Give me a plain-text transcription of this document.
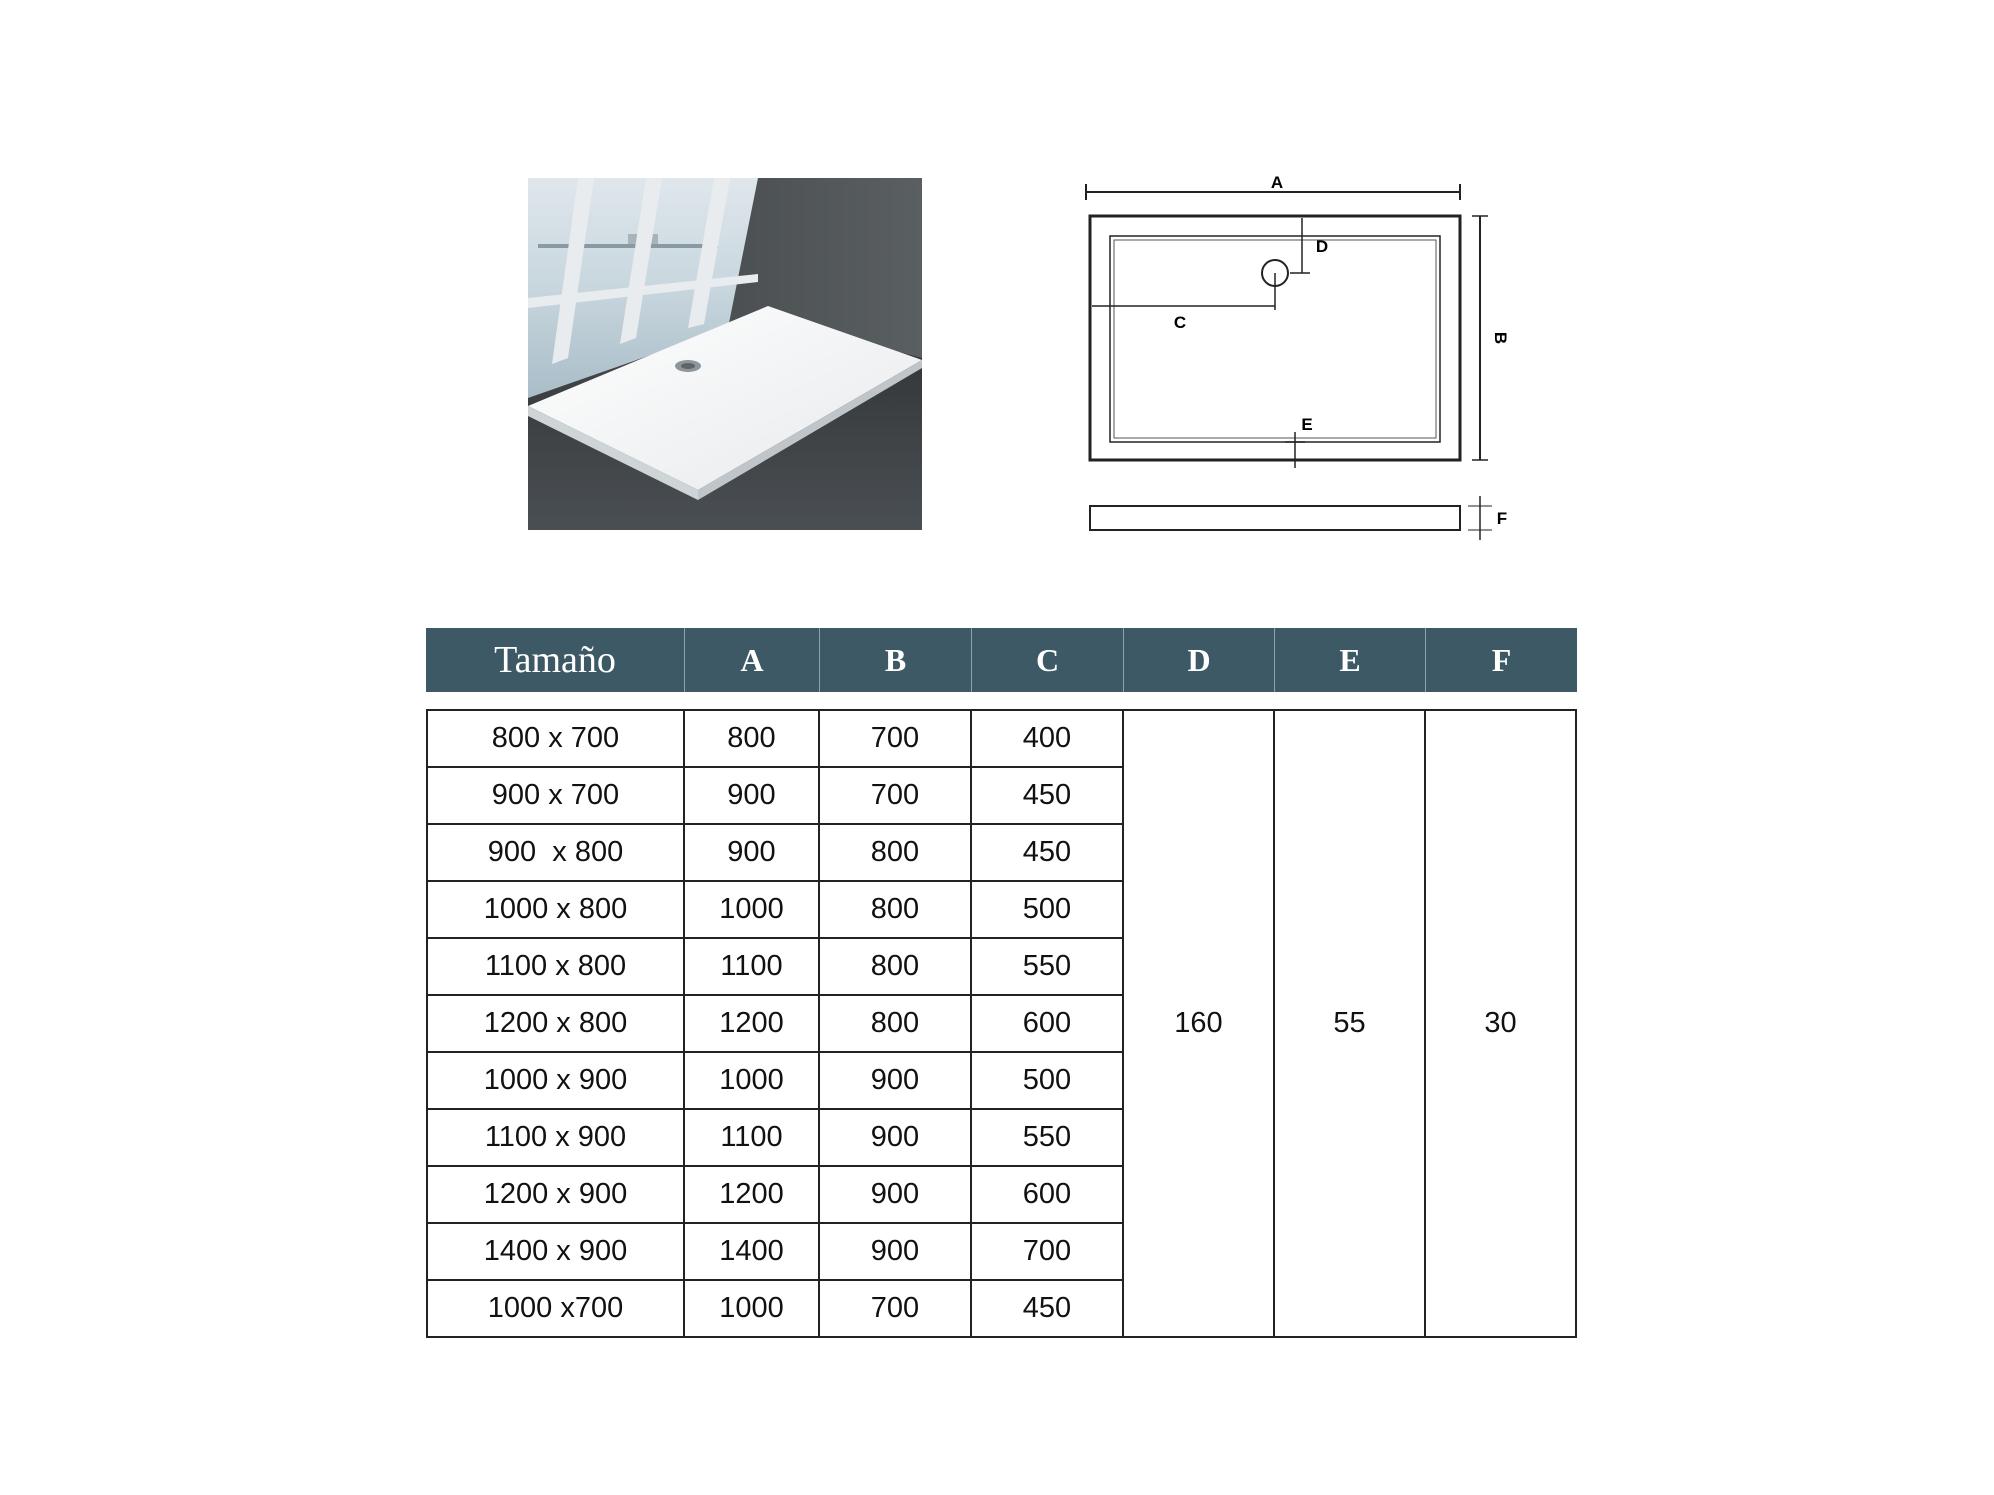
A
B
C
D
E
F
Tamaño	A	B	C	D	E	F

800 x 700	800	700	400	160	55	30
900 x 700	900	700	450			
900  x 800	900	800	450			
1000 x 800	1000	800	500			
1100 x 800	1100	800	550			
1200 x 800	1200	800	600			
1000 x 900	1000	900	500			
1100 x 900	1100	900	550			
1200 x 900	1200	900	600			
1400 x 900	1400	900	700			
1000 x700	1000	700	450			
